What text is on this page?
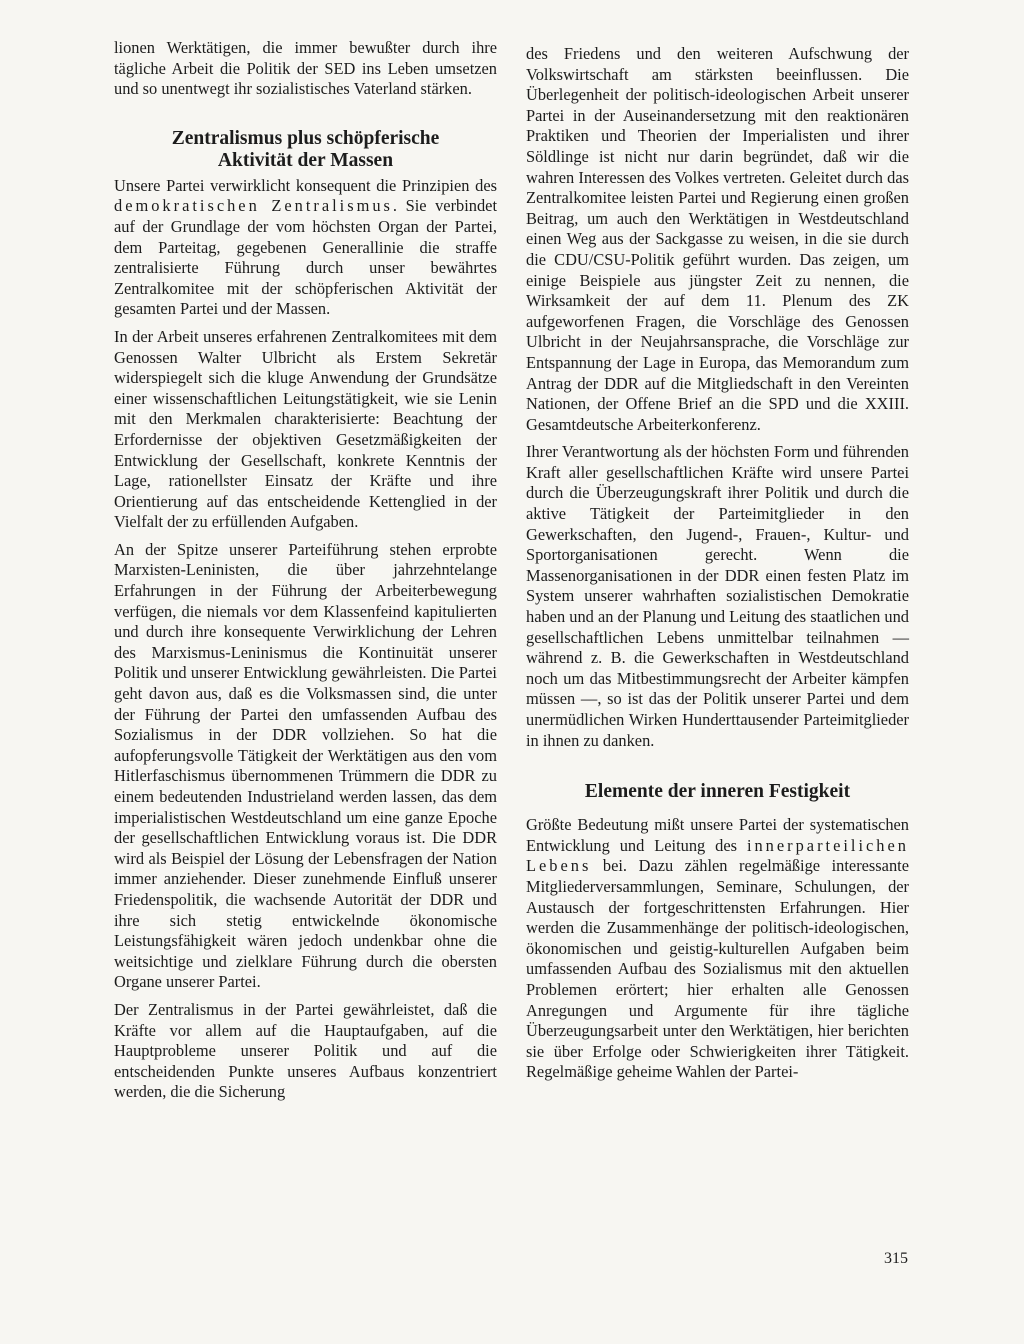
lionen Werktätigen, die immer bewußter durch ihre tägliche Arbeit die Politik der SED ins Leben umsetzen und so unentwegt ihr sozialistisches Vaterland stärken.

Zentralismus plus schöpferische
Aktivität der Massen

Unsere Partei verwirklicht konsequent die Prinzipien des demokratischen Zentralismus. Sie verbindet auf der Grundlage der vom höchsten Organ der Partei, dem Parteitag, gegebenen Generallinie die straffe zentralisierte Führung durch unser bewährtes Zentralkomitee mit der schöpferischen Aktivität der gesamten Partei und der Massen.

In der Arbeit unseres erfahrenen Zentralkomitees mit dem Genossen Walter Ulbricht als Erstem Sekretär widerspiegelt sich die kluge Anwendung der Grundsätze einer wissenschaftlichen Leitungstätigkeit, wie sie Lenin mit den Merkmalen charakterisierte: Beachtung der Erfordernisse der objektiven Gesetzmäßigkeiten der Entwicklung der Gesellschaft, konkrete Kenntnis der Lage, rationellster Einsatz der Kräfte und ihre Orientierung auf das entscheidende Kettenglied in der Vielfalt der zu erfüllenden Aufgaben.

An der Spitze unserer Parteiführung stehen erprobte Marxisten-Leninisten, die über jahrzehntelange Erfahrungen in der Führung der Arbeiterbewegung verfügen, die niemals vor dem Klassenfeind kapitulierten und durch ihre konsequente Verwirklichung der Lehren des Marxismus-Leninismus die Kontinuität unserer Politik und unserer Entwicklung gewährleisten. Die Partei geht davon aus, daß es die Volksmassen sind, die unter der Führung der Partei den umfassenden Aufbau des Sozialismus in der DDR vollziehen. So hat die aufopferungsvolle Tätigkeit der Werktätigen aus den vom Hitlerfaschismus übernommenen Trümmern die DDR zu einem bedeutenden Industrieland werden lassen, das dem imperialistischen Westdeutschland um eine ganze Epoche der gesellschaftlichen Entwicklung voraus ist. Die DDR wird als Beispiel der Lösung der Lebensfragen der Nation immer anziehender. Dieser zunehmende Einfluß unserer Friedenspolitik, die wachsende Autorität der DDR und ihre sich stetig entwickelnde ökonomische Leistungsfähigkeit wären jedoch undenkbar ohne die weitsichtige und zielklare Führung durch die obersten Organe unserer Partei.

Der Zentralismus in der Partei gewährleistet, daß die Kräfte vor allem auf die Hauptaufgaben, auf die Hauptprobleme unserer Politik und auf die entscheidenden Punkte unseres Aufbaus konzentriert werden, die die Sicherung

des Friedens und den weiteren Aufschwung der Volkswirtschaft am stärksten beeinflussen. Die Überlegenheit der politisch-ideologischen Arbeit unserer Partei in der Auseinandersetzung mit den reaktionären Praktiken und Theorien der Imperialisten und ihrer Söldlinge ist nicht nur darin begründet, daß wir die wahren Interessen des Volkes vertreten. Geleitet durch das Zentralkomitee leisten Partei und Regierung einen großen Beitrag, um auch den Werktätigen in Westdeutschland einen Weg aus der Sackgasse zu weisen, in die sie durch die CDU/CSU-Politik geführt wurden. Das zeigen, um einige Beispiele aus jüngster Zeit zu nennen, die Wirksamkeit der auf dem 11. Plenum des ZK aufgeworfenen Fragen, die Vorschläge des Genossen Ulbricht in der Neujahrsansprache, die Vorschläge zur Entspannung der Lage in Europa, das Memorandum zum Antrag der DDR auf die Mitgliedschaft in den Vereinten Nationen, der Offene Brief an die SPD und die XXIII. Gesamtdeutsche Arbeiterkonferenz.

Ihrer Verantwortung als der höchsten Form und führenden Kraft aller gesellschaftlichen Kräfte wird unsere Partei durch die Überzeugungskraft ihrer Politik und durch die aktive Tätigkeit der Parteimitglieder in den Gewerkschaften, den Jugend-, Frauen-, Kultur- und Sportorganisationen gerecht. Wenn die Massenorganisationen in der DDR einen festen Platz im System unserer wahrhaften sozialistischen Demokratie haben und an der Planung und Leitung des staatlichen und gesellschaftlichen Lebens unmittelbar teilnahmen — während z. B. die Gewerkschaften in Westdeutschland noch um das Mitbestimmungsrecht der Arbeiter kämpfen müssen —, so ist das der Politik unserer Partei und dem unermüdlichen Wirken Hunderttausender Parteimitglieder in ihnen zu danken.

Elemente der inneren Festigkeit

Größte Bedeutung mißt unsere Partei der systematischen Entwicklung und Leitung des innerparteilichen Lebens bei. Dazu zählen regelmäßige interessante Mitgliederversammlungen, Seminare, Schulungen, der Austausch der fortgeschrittensten Erfahrungen. Hier werden die Zusammenhänge der politisch-ideologischen, ökonomischen und geistig-kulturellen Aufgaben beim umfassenden Aufbau des Sozialismus mit den aktuellen Problemen erörtert; hier erhalten alle Genossen Anregungen und Argumente für ihre tägliche Überzeugungsarbeit unter den Werktätigen, hier berichten sie über Erfolge oder Schwierigkeiten ihrer Tätigkeit. Regelmäßige geheime Wahlen der Partei-

315
